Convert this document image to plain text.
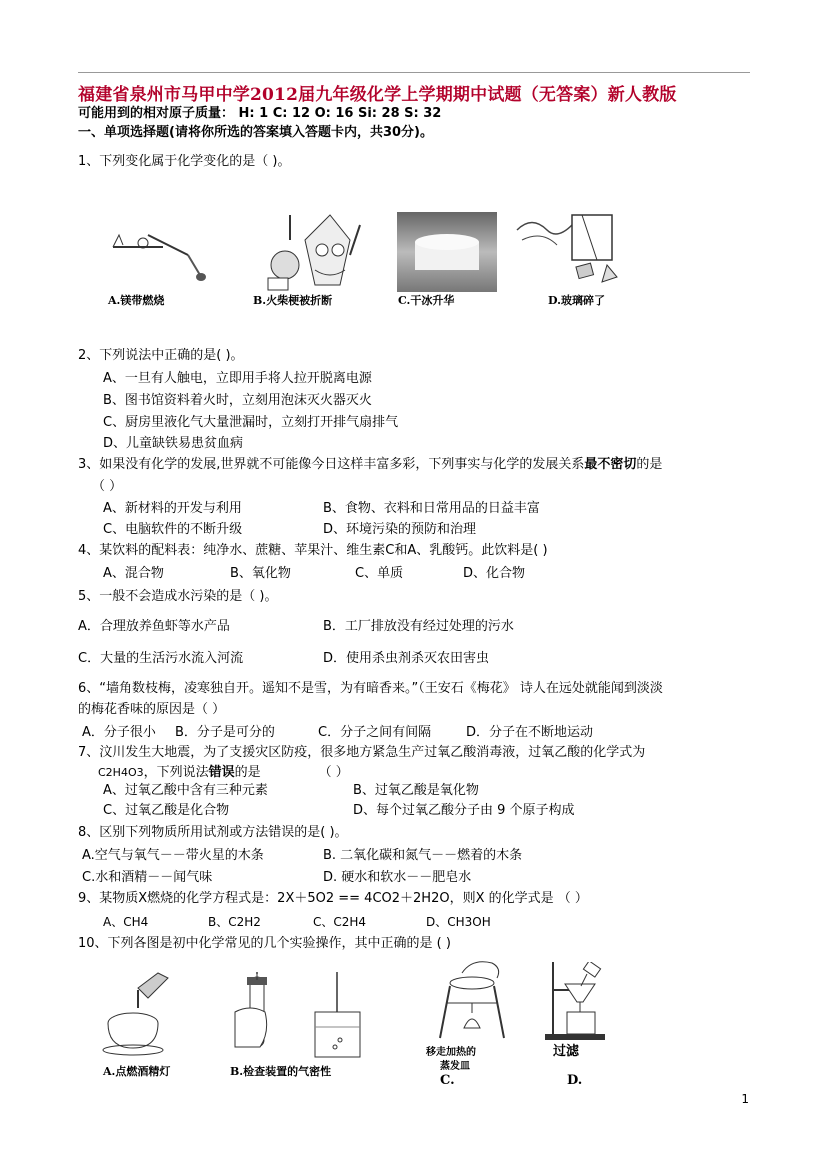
福建省泉州市马甲中学2012届九年级化学上学期期中试题（无答案）新人教版
可能用到的相对原子质量： H: 1 C: 12 O: 16 Si: 28 S: 32
一、单项选择题(请将你所选的答案填入答题卡内，共30分)。
1、下列变化属于化学变化的是（ )。
A.镁带燃烧	B.火柴梗被折断	C.干冰升华	D.玻璃碎了
2、下列说法中正确的是( )。
A、一旦有人触电，立即用手将人拉开脱离电源
B、图书馆资料着火时，立刻用泡沫灭火器灭火
C、厨房里液化气大量泄漏时，立刻打开排气扇排气
D、儿童缺铁易患贫血病
3、如果没有化学的发展,世界就不可能像今日这样丰富多彩，下列事实与化学的发展关系最不密切的是
（ ）
A、新材料的开发与利用	B、食物、衣料和日常用品的日益丰富
C、电脑软件的不断升级	D、环境污染的预防和治理
4、某饮料的配料表：纯净水、蔗糖、苹果汁、维生素C和A、乳酸钙。此饮料是( )
A、混合物	B、氧化物	C、单质	D、化合物
5、一般不会造成水污染的是（ )。
A．合理放养鱼虾等水产品	B．工厂排放没有经过处理的污水
C．大量的生活污水流入河流	D．使用杀虫剂杀灭农田害虫
6、“墙角数枝梅，凌寒独自开。遥知不是雪，为有暗香来。”（王安石《梅花》 诗人在远处就能闻到淡淡
的梅花香味的原因是（ ）
A．分子很小 B．分子是可分的	C．分子之间有间隔	D．分子在不断地运动
7、汶川发生大地震，为了支援灾区防疫，很多地方紧急生产过氧乙酸消毒液，过氧乙酸的化学式为
C2H4O3，下列说法错误的是	（ ）
A、过氧乙酸中含有三种元素	B、过氧乙酸是氧化物
C、过氧乙酸是化合物	D、每个过氧乙酸分子由 9 个原子构成
8、区别下列物质所用试剂或方法错误的是( )。
A.空气与氧气－－带火星的木条	B. 二氧化碳和氮气－－燃着的木条
C.水和酒精－－闻气味	D. 硬水和软水－－肥皂水
9、某物质X燃烧的化学方程式是：2X＋5O2 == 4CO2＋2H2O，则X 的化学式是 （ ）
A、CH4	B、C2H2	C、C2H4	D、CH3OH
10、下列各图是初中化学常见的几个实验操作，其中正确的是 ( )
A.点燃酒精灯	B.检查装置的气密性
移走加热的
蒸发皿
过滤
C.	D.
1
